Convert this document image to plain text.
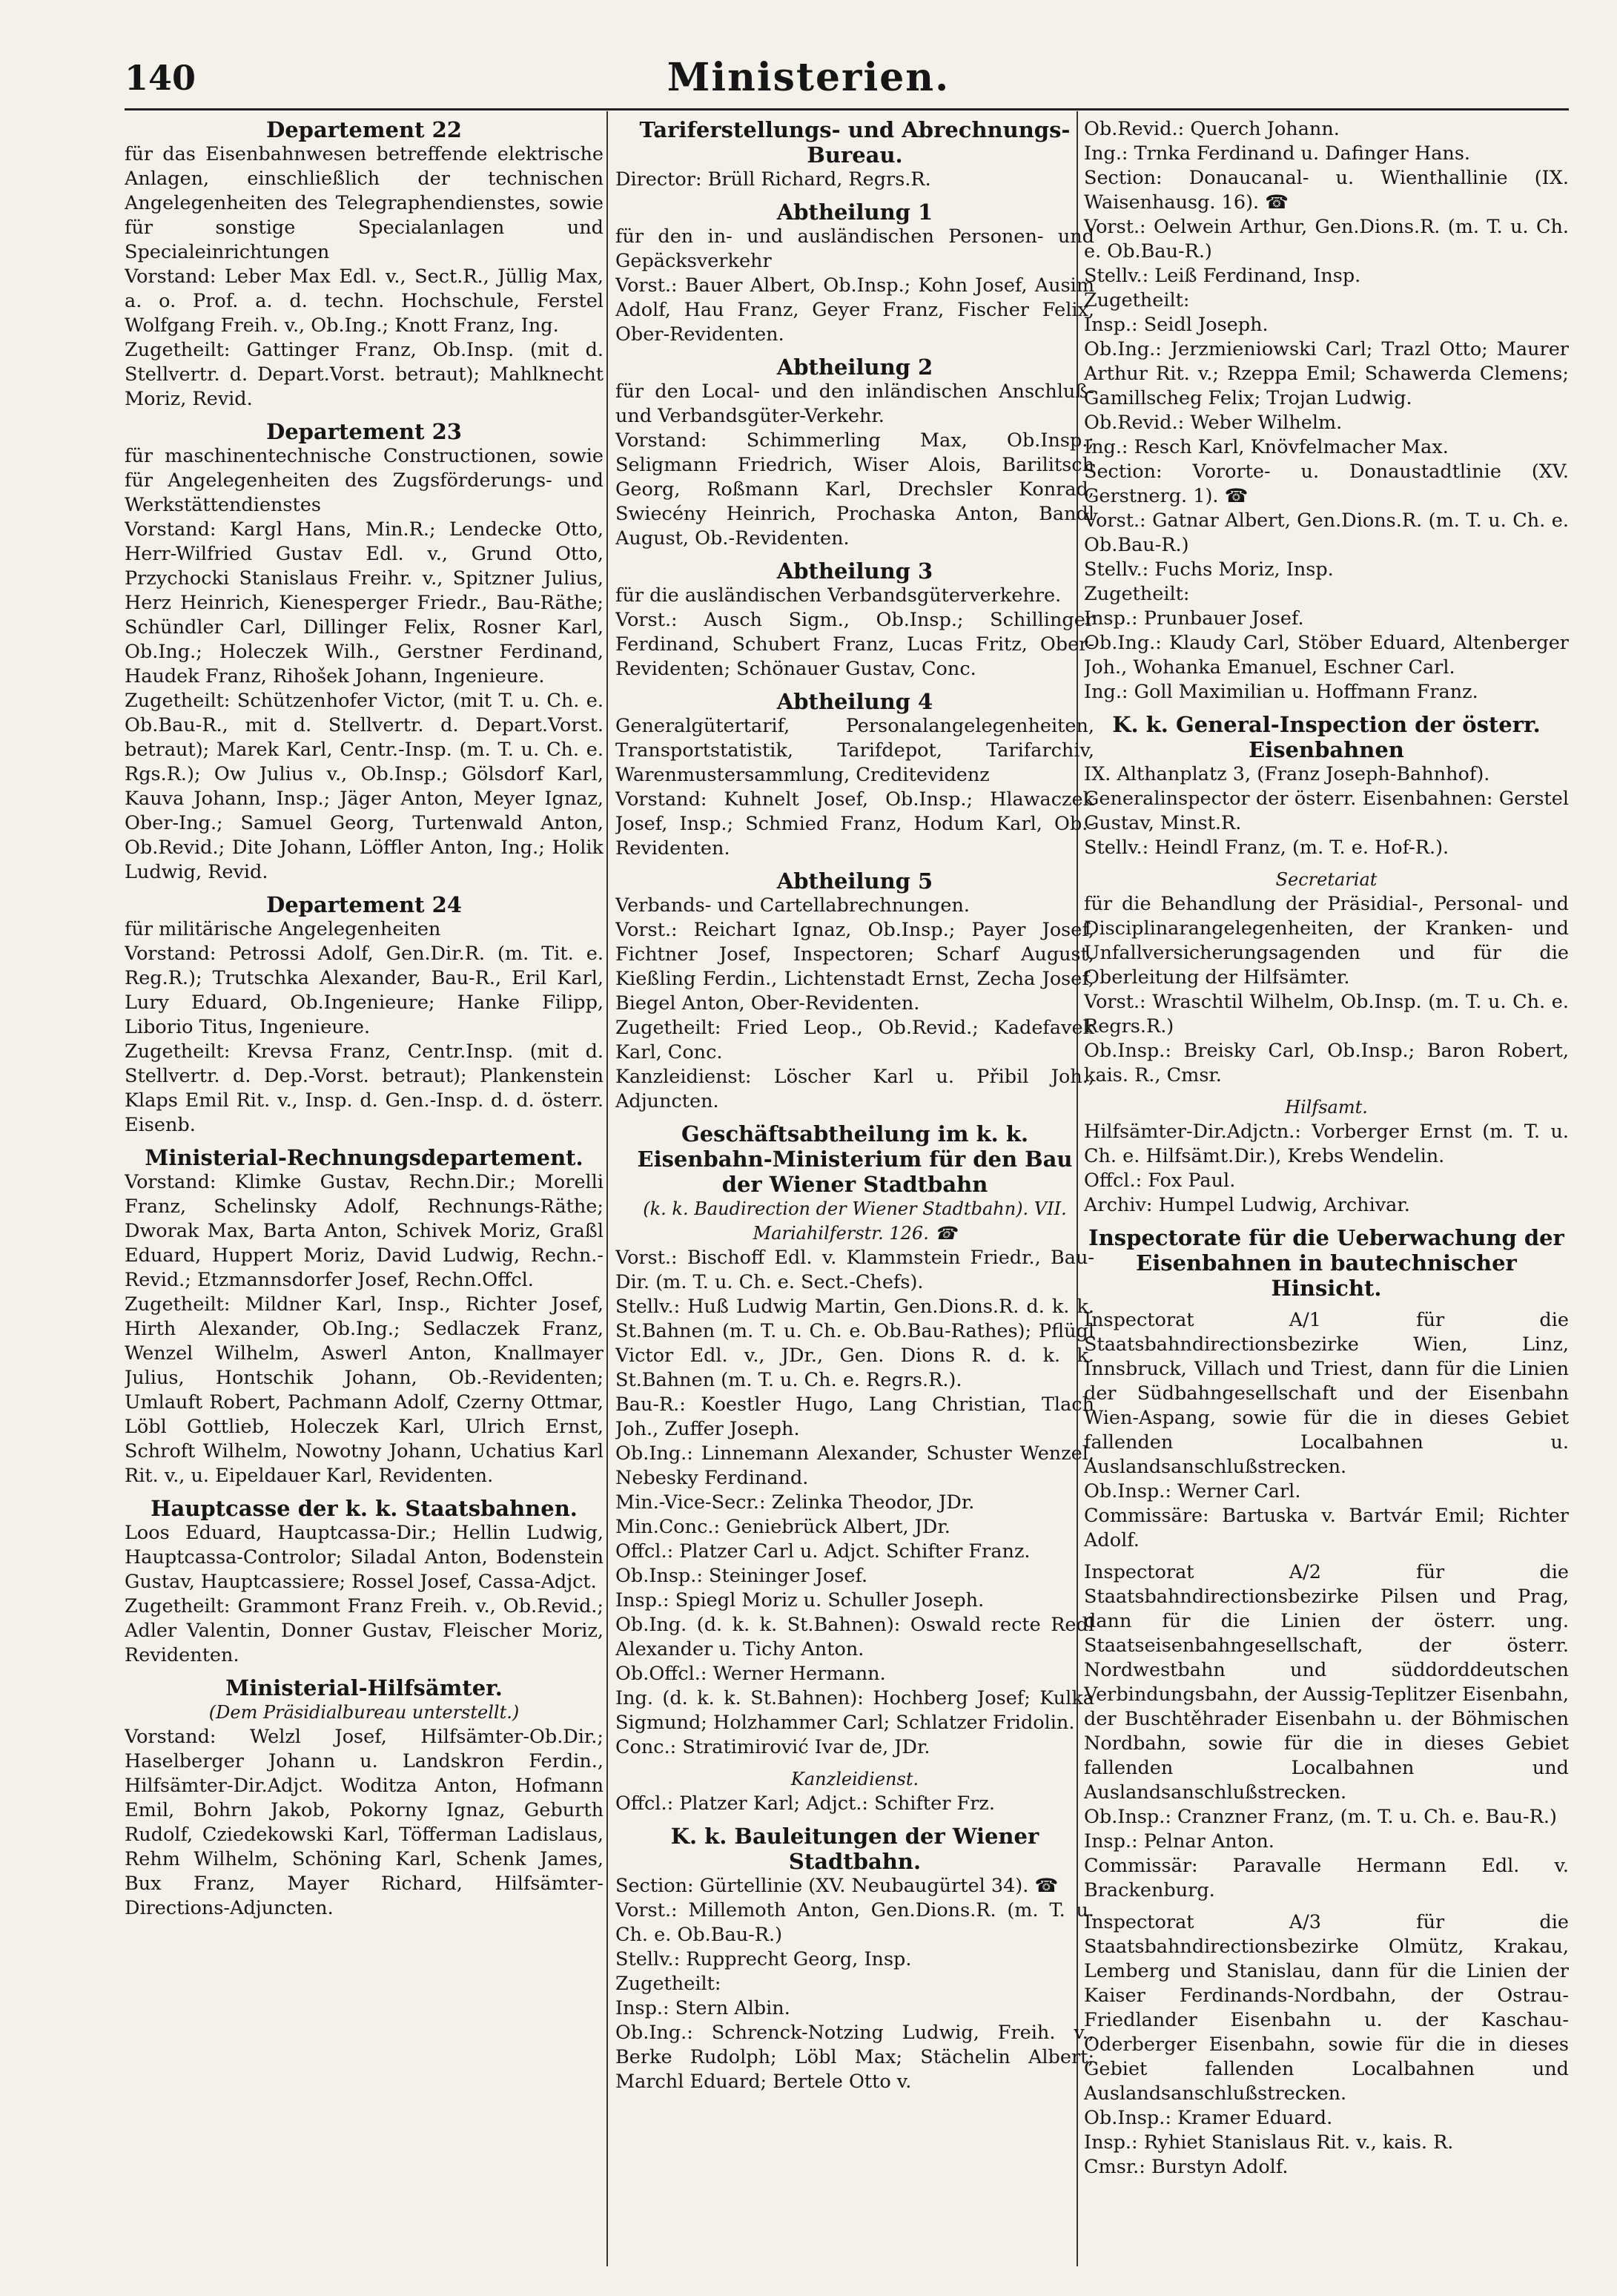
140	Ministerien.
Departement 22
für das Eisenbahnwesen betreffende elektrische Anlagen, einschließlich der technischen Angelegenheiten des Telegraphendienstes, sowie für sonstige Specialanlagen und Specialeinrichtungen
Vorstand: Leber Max Edl. v., Sect.R., Jüllig Max, a. o. Prof. a. d. techn. Hochschule, Ferstel Wolfgang Freih. v., Ob.Ing.; Knott Franz, Ing.
Zugetheilt: Gattinger Franz, Ob.Insp. (mit d. Stellvertr. d. Depart.Vorst. betraut); Mahlknecht Moriz, Revid.
Departement 23
für maschinentechnische Constructionen, sowie für Angelegenheiten des Zugsförderungs- und Werkstättendienstes
Vorstand: Kargl Hans, Min.R.; Lendecke Otto, Herr-Wilfried Gustav Edl. v., Grund Otto, Przychocki Stanislaus Freihr. v., Spitzner Julius, Herz Heinrich, Kienesperger Friedr., Bau-Räthe; Schündler Carl, Dillinger Felix, Rosner Karl, Ob.Ing.; Holeczek Wilh., Gerstner Ferdinand, Haudek Franz, Rihošek Johann, Ingenieure.
Zugetheilt: Schützenhofer Victor, (mit T. u. Ch. e. Ob.Bau-R., mit d. Stellvertr. d. Depart.Vorst. betraut); Marek Karl, Centr.-Insp. (m. T. u. Ch. e. Rgs.R.); Ow Julius v., Ob.Insp.; Gölsdorf Karl, Kauva Johann, Insp.; Jäger Anton, Meyer Ignaz, Ober-Ing.; Samuel Georg, Turtenwald Anton, Ob.Revid.; Dite Johann, Löffler Anton, Ing.; Holik Ludwig, Revid.
Departement 24
für militärische Angelegenheiten
Vorstand: Petrossi Adolf, Gen.Dir.R. (m. Tit. e. Reg.R.); Trutschka Alexander, Bau-R., Eril Karl, Lury Eduard, Ob.Ingenieure; Hanke Filipp, Liborio Titus, Ingenieure.
Zugetheilt: Krevsa Franz, Centr.Insp. (mit d. Stellvertr. d. Dep.-Vorst. betraut); Plankenstein Klaps Emil Rit. v., Insp. d. Gen.-Insp. d. d. österr. Eisenb.
Ministerial-Rechnungsdepartement.
Vorstand: Klimke Gustav, Rechn.Dir.; Morelli Franz, Schelinsky Adolf, Rechnungs-Räthe; Dworak Max, Barta Anton, Schivek Moriz, Graßl Eduard, Huppert Moriz, David Ludwig, Rechn.-Revid.; Etzmannsdorfer Josef, Rechn.Offcl.
Zugetheilt: Mildner Karl, Insp., Richter Josef, Hirth Alexander, Ob.Ing.; Sedlaczek Franz, Wenzel Wilhelm, Aswerl Anton, Knallmayer Julius, Hontschik Johann, Ob.-Revidenten; Umlauft Robert, Pachmann Adolf, Czerny Ottmar, Löbl Gottlieb, Holeczek Karl, Ulrich Ernst, Schroft Wilhelm, Nowotny Johann, Uchatius Karl Rit. v., u. Eipeldauer Karl, Revidenten.
Hauptcasse der k. k. Staatsbahnen.
Loos Eduard, Hauptcassa-Dir.; Hellin Ludwig, Hauptcassa-Controlor; Siladal Anton, Bodenstein Gustav, Hauptcassiere; Rossel Josef, Cassa-Adjct.
Zugetheilt: Grammont Franz Freih. v., Ob.Revid.; Adler Valentin, Donner Gustav, Fleischer Moriz, Revidenten.
Ministerial-Hilfsämter.
(Dem Präsidialbureau unterstellt.)
Vorstand: Welzl Josef, Hilfsämter-Ob.Dir.; Haselberger Johann u. Landskron Ferdin., Hilfsämter-Dir.Adjct. Woditza Anton, Hofmann Emil, Bohrn Jakob, Pokorny Ignaz, Geburth Rudolf, Cziedekowski Karl, Töfferman Ladislaus, Rehm Wilhelm, Schöning Karl, Schenk James, Bux Franz, Mayer Richard, Hilfsämter-Directions-Adjuncten.
Tariferstellungs- und Abrechnungs-Bureau.
Director: Brüll Richard, Regrs.R.
Abtheilung 1
für den in- und ausländischen Personen- und Gepäcksverkehr
Vorst.: Bauer Albert, Ob.Insp.; Kohn Josef, Ausim Adolf, Hau Franz, Geyer Franz, Fischer Felix, Ober-Revidenten.
Abtheilung 2
für den Local- und den inländischen Anschluß- und Verbandsgüter-Verkehr.
Vorstand: Schimmerling Max, Ob.Insp.; Seligmann Friedrich, Wiser Alois, Barilitsch Georg, Roßmann Karl, Drechsler Konrad, Swiecény Heinrich, Prochaska Anton, Bandl August, Ob.-Revidenten.
Abtheilung 3
für die ausländischen Verbandsgüterverkehre.
Vorst.: Ausch Sigm., Ob.Insp.; Schillinger Ferdinand, Schubert Franz, Lucas Fritz, Ober-Revidenten; Schönauer Gustav, Conc.
Abtheilung 4
Generalgütertarif, Personalangelegenheiten, Transportstatistik, Tarifdepot, Tarifarchiv, Warenmustersammlung, Creditevidenz
Vorstand: Kuhnelt Josef, Ob.Insp.; Hlawaczek Josef, Insp.; Schmied Franz, Hodum Karl, Ob.-Revidenten.
Abtheilung 5
Verbands- und Cartellabrechnungen.
Vorst.: Reichart Ignaz, Ob.Insp.; Payer Josef, Fichtner Josef, Inspectoren; Scharf August, Kießling Ferdin., Lichtenstadt Ernst, Zecha Josef, Biegel Anton, Ober-Revidenten.
Zugetheilt: Fried Leop., Ob.Revid.; Kadefavek Karl, Conc.
Kanzleidienst: Löscher Karl u. Přibil Joh., Adjuncten.
Geschäftsabtheilung im k. k. Eisenbahn-Ministerium für den Bau der Wiener Stadtbahn
(k. k. Baudirection der Wiener Stadtbahn). VII. Mariahilferstr. 126. ☎
Vorst.: Bischoff Edl. v. Klammstein Friedr., Bau-Dir. (m. T. u. Ch. e. Sect.-Chefs).
Stellv.: Huß Ludwig Martin, Gen.Dions.R. d. k. k. St.Bahnen (m. T. u. Ch. e. Ob.Bau-Rathes); Pflügl Victor Edl. v., JDr., Gen. Dions R. d. k. k. St.Bahnen (m. T. u. Ch. e. Regrs.R.).
Bau-R.: Koestler Hugo, Lang Christian, Tlach Joh., Zuffer Joseph.
Ob.Ing.: Linnemann Alexander, Schuster Wenzel, Nebesky Ferdinand.
Min.-Vice-Secr.: Zelinka Theodor, JDr.
Min.Conc.: Geniebrück Albert, JDr.
Offcl.: Platzer Carl u. Adjct. Schifter Franz.
Ob.Insp.: Steininger Josef.
Insp.: Spiegl Moriz u. Schuller Joseph.
Ob.Ing. (d. k. k. St.Bahnen): Oswald recte Redl Alexander u. Tichy Anton.
Ob.Offcl.: Werner Hermann.
Ing. (d. k. k. St.Bahnen): Hochberg Josef; Kulka Sigmund; Holzhammer Carl; Schlatzer Fridolin.
Conc.: Stratimirović Ivar de, JDr.
Kanzleidienst.
Offcl.: Platzer Karl; Adjct.: Schifter Frz.
K. k. Bauleitungen der Wiener Stadtbahn.
Section: Gürtellinie (XV. Neubaugürtel 34). ☎
Vorst.: Millemoth Anton, Gen.Dions.R. (m. T. u. Ch. e. Ob.Bau-R.)
Stellv.: Rupprecht Georg, Insp.
Zugetheilt:
Insp.: Stern Albin.
Ob.Ing.: Schrenck-Notzing Ludwig, Freih. v., Berke Rudolph; Löbl Max; Stächelin Albert; Marchl Eduard; Bertele Otto v.
Ob.Revid.: Querch Johann.
Ing.: Trnka Ferdinand u. Dafinger Hans.
Section: Donaucanal- u. Wienthallinie (IX. Waisenhausg. 16). ☎
Vorst.: Oelwein Arthur, Gen.Dions.R. (m. T. u. Ch. e. Ob.Bau-R.)
Stellv.: Leiß Ferdinand, Insp.
Zugetheilt:
Insp.: Seidl Joseph.
Ob.Ing.: Jerzmieniowski Carl; Trazl Otto; Maurer Arthur Rit. v.; Rzeppa Emil; Schawerda Clemens; Gamillscheg Felix; Trojan Ludwig.
Ob.Revid.: Weber Wilhelm.
Ing.: Resch Karl, Knövfelmacher Max.
Section: Vororte- u. Donaustadtlinie (XV. Gerstnerg. 1). ☎
Vorst.: Gatnar Albert, Gen.Dions.R. (m. T. u. Ch. e. Ob.Bau-R.)
Stellv.: Fuchs Moriz, Insp.
Zugetheilt:
Insp.: Prunbauer Josef.
Ob.Ing.: Klaudy Carl, Stöber Eduard, Altenberger Joh., Wohanka Emanuel, Eschner Carl.
Ing.: Goll Maximilian u. Hoffmann Franz.
K. k. General-Inspection der österr. Eisenbahnen
IX. Althanplatz 3, (Franz Joseph-Bahnhof).
Generalinspector der österr. Eisenbahnen: Gerstel Gustav, Minst.R.
Stellv.: Heindl Franz, (m. T. e. Hof-R.).
Secretariat
für die Behandlung der Präsidial-, Personal- und Disciplinarangelegenheiten, der Kranken- und Unfallversicherungsagenden und für die Oberleitung der Hilfsämter.
Vorst.: Wraschtil Wilhelm, Ob.Insp. (m. T. u. Ch. e. Regrs.R.)
Ob.Insp.: Breisky Carl, Ob.Insp.; Baron Robert, kais. R., Cmsr.
Hilfsamt.
Hilfsämter-Dir.Adjctn.: Vorberger Ernst (m. T. u. Ch. e. Hilfsämt.Dir.), Krebs Wendelin.
Offcl.: Fox Paul.
Archiv: Humpel Ludwig, Archivar.
Inspectorate für die Ueberwachung der Eisenbahnen in bautechnischer Hinsicht.
Inspectorat A/1 für die Staatsbahndirectionsbezirke Wien, Linz, Innsbruck, Villach und Triest, dann für die Linien der Südbahngesellschaft und der Eisenbahn Wien-Aspang, sowie für die in dieses Gebiet fallenden Localbahnen u. Auslandsanschlußstrecken.
Ob.Insp.: Werner Carl.
Commissäre: Bartuska v. Bartvár Emil; Richter Adolf.
Inspectorat A/2 für die Staatsbahndirectionsbezirke Pilsen und Prag, dann für die Linien der österr. ung. Staatseisenbahngesellschaft, der österr. Nordwestbahn und süddorddeutschen Verbindungsbahn, der Aussig-Teplitzer Eisenbahn, der Buschtěhrader Eisenbahn u. der Böhmischen Nordbahn, sowie für die in dieses Gebiet fallenden Localbahnen und Auslandsanschlußstrecken.
Ob.Insp.: Cranzner Franz, (m. T. u. Ch. e. Bau-R.)
Insp.: Pelnar Anton.
Commissär: Paravalle Hermann Edl. v. Brackenburg.
Inspectorat A/3 für die Staatsbahndirectionsbezirke Olmütz, Krakau, Lemberg und Stanislau, dann für die Linien der Kaiser Ferdinands-Nordbahn, der Ostrau-Friedlander Eisenbahn u. der Kaschau-Oderberger Eisenbahn, sowie für die in dieses Gebiet fallenden Localbahnen und Auslandsanschlußstrecken.
Ob.Insp.: Kramer Eduard.
Insp.: Ryhiet Stanislaus Rit. v., kais. R.
Cmsr.: Burstyn Adolf.
